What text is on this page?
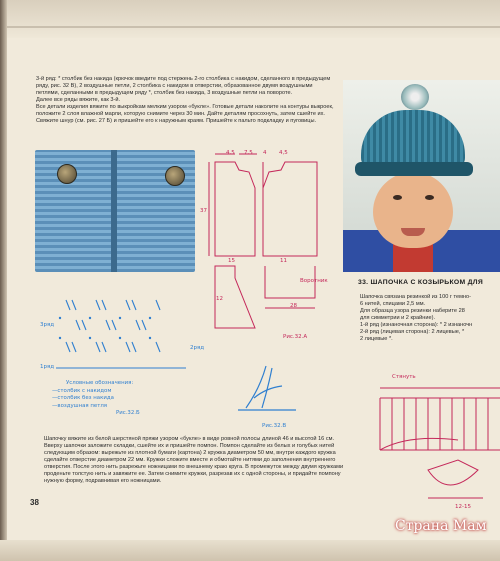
3-й ряд: * столбик без накида (крючок введите под стержень 2-го столбика с накидом, сделанного в предыдущем ряду, рис. 32 В), 2 воздушные петли, 2 столбика с накидом в отверстии, образованное двумя воздушными петлями, сделанными в предыдущем ряду *, столбик без накида, 3 воздушные петли на повороте.

Далее все ряды вяжите, как 3-й.

Все детали изделия вяжите по выкройкам мелким узором «букле». Готовые детали наколите на контуры выкроек, положите 2 слоя влажной марли, которую снимите через 30 мин. Дайте деталям просохнуть, затем сшейте их. Свяжите шнур (см. рис. 27 Б) и пришейте его к наружным краям. Пришейте к пальто подкладку и пуговицы.

4,5 7,5 4 4,5
37
15	11
12
28
Воротник
Рис.32.А
3ряд
2ряд
1ряд
Условные обозначения:
—столбик с накидом
—столбик без накида
—воздушная петля
Рис.32.Б
Рис.32.В
33. ШАПОЧКА С КОЗЫРЬКОМ ДЛЯ

Шапочка связана резинкой из 100 г темно-

6 нитей, спицами 2,5 мм.

Для образца узора резинки наберите 28

для симметрии и 2 крайние).

1-й ряд (изнаночная сторона): * 2 изнаночн

2-й ряд (лицевая сторона): 2 лицевые, *

2 лицевые *.

Стянуть
12-15

Шапочку вяжите из белой шерстяной пряжи узором «букле» в виде ровной полосы длиной 46 и высотой 16 см. Вверху шапочки заложите складки, сшейте их и пришейте помпон. Помпон сделайте из белых и голубых нитей следующим образом: вырежьте из плотной бумаги (картона) 2 кружка диаметром 50 мм, внутри каждого кружка сделайте отверстие диаметром 22 мм. Кружки сложите вместе и обмотайте нитями до заполнения внутреннего отверстия. После этого нить разрежьте ножницами по внешнему краю круга. В промежуток между двумя кружками проденьте толстую нить и завяжите ее. Затем снимите кружки, разрезав их с одной стороны, и придайте помпону нужную форму, подравнивая его ножницами.

38
Страна Мам
